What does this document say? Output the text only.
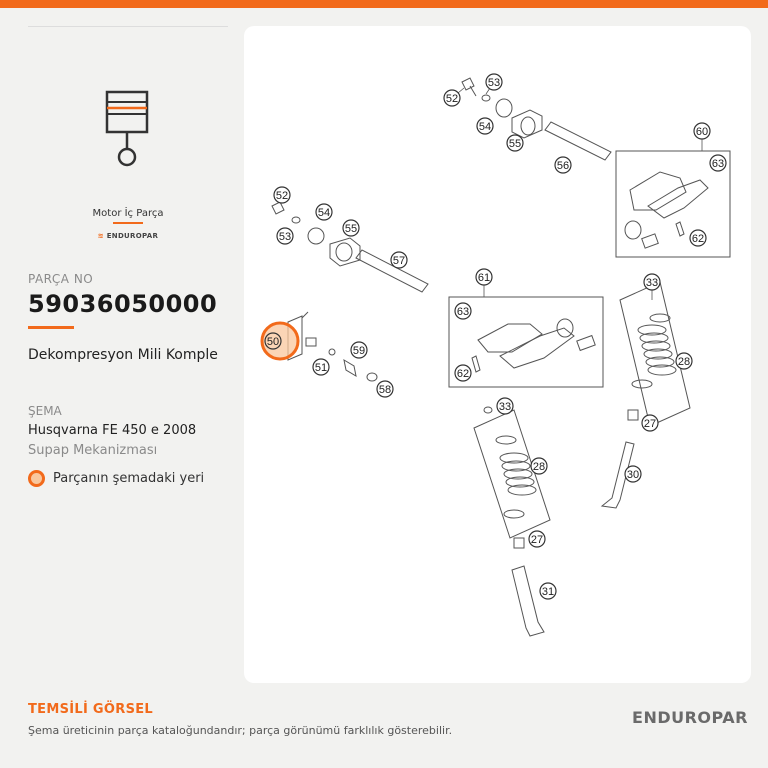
Motor İç Parça
≋ ENDUROPAR
PARÇA NO
59036050000
Dekompresyon Mili Komple
ŞEMA
Husqvarna FE 450 e 2008
Supap Mekanizması
Parçanın şemadaki yeri
53
52
54
55
56
60
63
62
52
54
53
55
57
61
63
62
33
28
50
59
51
58
33
27
28
30
27
31
TEMSİLİ GÖRSEL
Şema üreticinin parça kataloğundandır; parça görünümü farklılık gösterebilir.
ENDUROPAR
